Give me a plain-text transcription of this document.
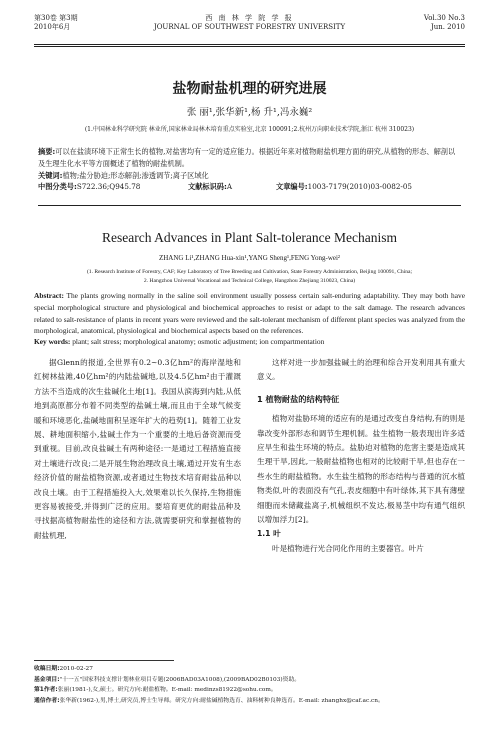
第30卷 第3期
2010年6月
西 南 林 学 院 学 报
JOURNAL OF SOUTHWEST FORESTRY UNIVERSITY
Vol.30 No.3
Jun. 2010
盐物耐盐机理的研究进展
张 丽¹,张华新¹,杨 升¹,冯永巍²
(1.中国林业科学研究院 林业所,国家林业局林木培育重点实验室,北京 100091;2.杭州万向职业技术学院,浙江 杭州 310023)
摘要:可以在盐渍环境下正常生长的植物,对盐害均有一定的适应能力。根据近年来对植物耐盐机理方面的研究,从植物的形态、解剖以及生理生化水平等方面概述了植物的耐盐机制。
关键词:植物;盐分胁迫;形态解剖;渗透调节;离子区域化
中图分类号:S722.36;Q945.78	文献标识码:A	文章编号:1003-7179(2010)03-0082-05
Research Advances in Plant Salt-tolerance Mechanism
ZHANG Li¹,ZHANG Hua-xin¹,YANG Sheng¹,FENG Yong-wei²
(1. Research Institute of Forestry, CAF; Key Laboratory of Tree Breeding and Cultivation, State Forestry Administration, Beijing 100091, China;
2. Hangzhou Universal Vocational and Technical College, Hangzhou Zhejiang 310023, China)
Abstract: The plants growing normally in the saline soil environment usually possess certain salt-enduring adaptability. They may both have special morphological structure and physiological and biochemical approaches to resist or adapt to the salt damage. The research advances related to salt-resistance of plants in recent years were reviewed and the salt-tolerant mechanism of different plant species was analyzed from the morphological, anatomical, physiological and biochemical aspects based on the references.
Key words: plant; salt stress; morphological anatomy; osmotic adjustment; ion compartmentation

据Glenn的报道,全世界有0.2~0.3亿hm²的海岸湿地和红树林盐滩,40亿hm²的内陆盐碱地,以及4.5亿hm²由于灌溉方法不当造成的次生盐碱化土地[1]。我国从滨海到内陆,从低地到高原都分布着不同类型的盐碱土壤,而且由于全球气候变暖和环境恶化,盐碱地面积呈逐年扩大的趋势[1]。随着工业发展、耕地面积缩小,盐碱土作为一个重要的土地后备资源而受到重视。目前,改良盐碱土有两种途径:一是通过工程措施直接对土壤进行改良;二是开展生物治理改良土壤,通过开发有生态经济价值的耐盐植物资源,或者通过生物技术培育耐盐品种以改良土壤。由于工程措施投入大,效果难以长久保持,生物措施更容易被接受,并得到广泛的应用。要培育更优的耐盐品种及寻找据高植物耐盐性的途径和方法,就需要研究和掌握植物的耐盐机理,

这样对进一步加强盐碱土的治理和综合开发利用具有重大意义。

1 植物耐盐的结构特征

植物对盐胁环境的适应有的是通过改变自身结构,有的则是靠改变外部形态和调节生理机制。盐生植物一般表现出许多适应旱生和盐生环境的特点。盐胁迫对植物的危害主要是造成其生理干旱,因此,一般耐盐植物也相对的比较耐干旱,但也存在一些水生的耐盐植物。水生盐生植物的形态结构与普通的沉水植物类似,叶的表面没有气孔,表皮细胞中有叶绿体,其下具有薄壁细胞而未储藏盐离子,机械组织不发达,极易茎中均有通气组织以增加浮力[2]。

1.1 叶

叶是植物进行光合同化作用的主要器官。叶片

收稿日期:2010-02-27
基金项目:"十一五"国家科技支撑计划林业项目专题(2006BAD03A1008),(2009BAD02B0103)资助。
第1作者:张丽(1981-),女,硕士。研究方向:耐盐植物。E-mail: medinzs81922@sohu.com。
通信作者:张华新(1962-),男,博士,研究员,博士生导师。研究方向:耐盐碱植物选育、油料树种良种选育。E-mail: zhanghx@caf.ac.cn。
